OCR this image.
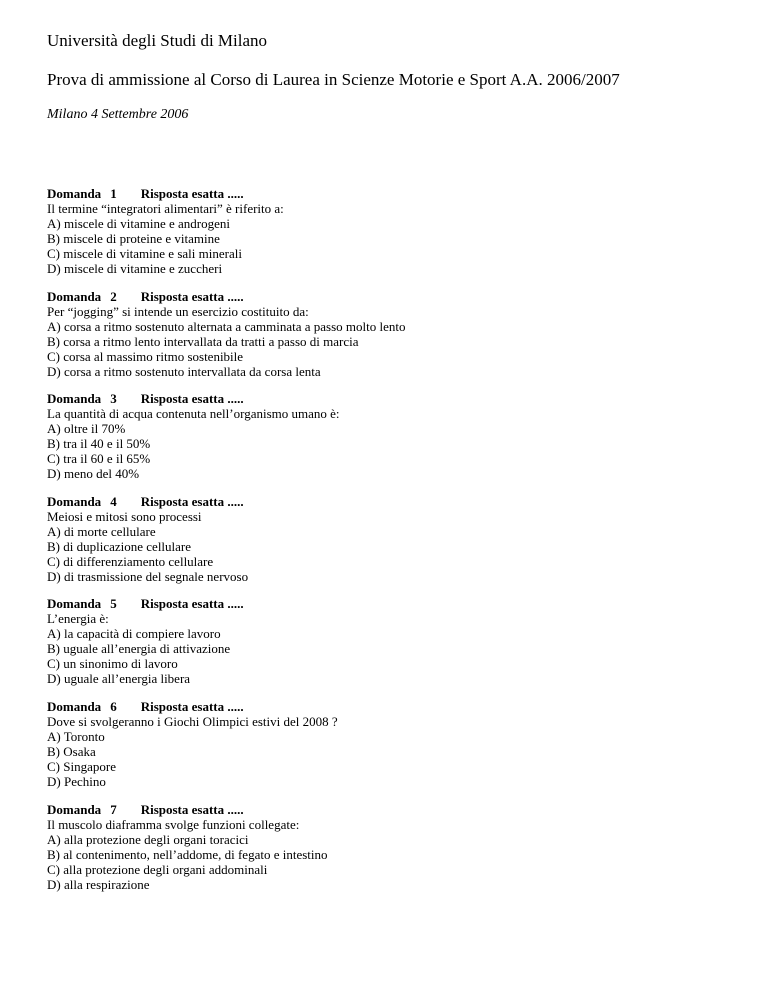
Università degli Studi di Milano

Prova di ammissione al Corso di Laurea in Scienze Motorie e Sport A.A. 2006/2007

Milano 4 Settembre 2006

Domanda 1 Risposta esatta .....
Il termine “integratori alimentari” è riferito a:
A) miscele di vitamine e androgeni
B) miscele di proteine e vitamine
C) miscele di vitamine e sali minerali
D) miscele di vitamine e zuccheri
Domanda 2 Risposta esatta .....
Per “jogging” si intende un esercizio costituito da:
A) corsa a ritmo sostenuto alternata a camminata a passo molto lento
B) corsa a ritmo lento intervallata da tratti a passo di marcia
C) corsa al massimo ritmo sostenibile
D) corsa a ritmo sostenuto intervallata da corsa lenta
Domanda 3 Risposta esatta .....
La quantità di acqua contenuta nell’organismo umano è:
A) oltre il 70%
B) tra il 40 e il 50%
C) tra il 60 e il 65%
D) meno del 40%
Domanda 4 Risposta esatta .....
Meiosi e mitosi sono processi
A) di morte cellulare
B) di duplicazione cellulare
C) di differenziamento cellulare
D) di trasmissione del segnale nervoso
Domanda 5 Risposta esatta .....
L’energia è:
A) la capacità di compiere lavoro
B) uguale all’energia di attivazione
C) un sinonimo di lavoro
D) uguale all’energia libera
Domanda 6 Risposta esatta .....
Dove si svolgeranno i Giochi Olimpici estivi del 2008 ?
A) Toronto
B) Osaka
C) Singapore
D) Pechino
Domanda 7 Risposta esatta .....
Il muscolo diaframma svolge funzioni collegate:
A) alla protezione degli organi toracici
B) al contenimento, nell’addome, di fegato e intestino
C) alla protezione degli organi addominali
D) alla respirazione
